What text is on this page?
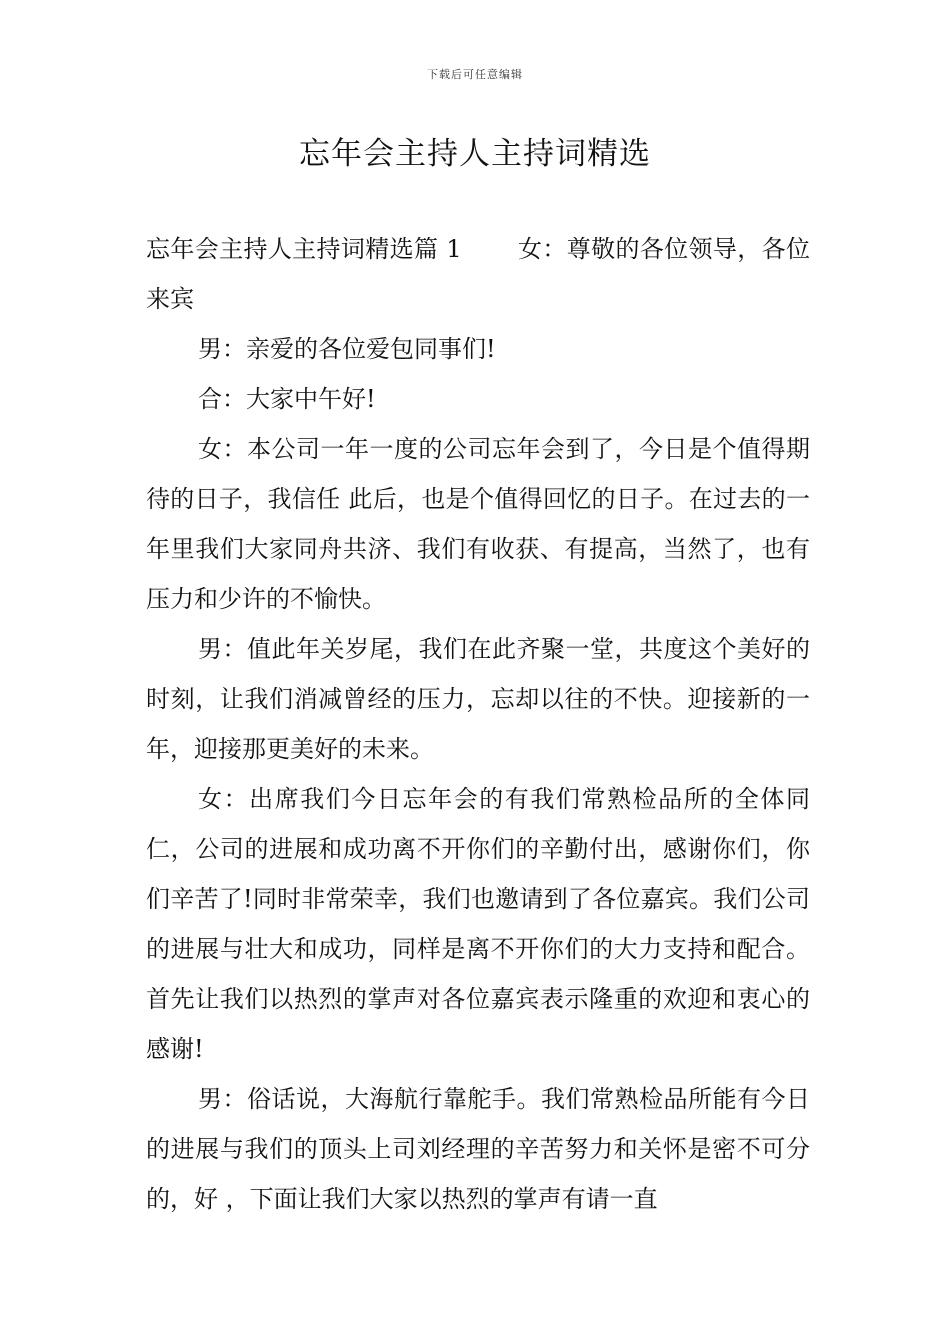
下载后可任意编辑
忘年会主持人主持词精选

忘年会主持人主持词精选篇 1 女：尊敬的各位领导，各位来宾

男：亲爱的各位爱包同事们!

合：大家中午好!

女：本公司一年一度的公司忘年会到了，今日是个值得期待的日子，我信任 此后，也是个值得回忆的日子。在过去的一年里我们大家同舟共济、我们有收获、有提高，当然了，也有压力和少许的不愉快。

男：值此年关岁尾，我们在此齐聚一堂，共度这个美好的时刻，让我们消减曾经的压力，忘却以往的不快。迎接新的一年，迎接那更美好的未来。

女：出席我们今日忘年会的有我们常熟检品所的全体同仁，公司的进展和成功离不开你们的辛勤付出，感谢你们，你们辛苦了!同时非常荣幸，我们也邀请到了各位嘉宾。我们公司的进展与壮大和成功，同样是离不开你们的大力支持和配合。首先让我们以热烈的掌声对各位嘉宾表示隆重的欢迎和衷心的感谢!

男：俗话说，大海航行靠舵手。我们常熟检品所能有今日的进展与我们的顶头上司刘经理的辛苦努力和关怀是密不可分的，好 ，下面让我们大家以热烈的掌声有请一直
